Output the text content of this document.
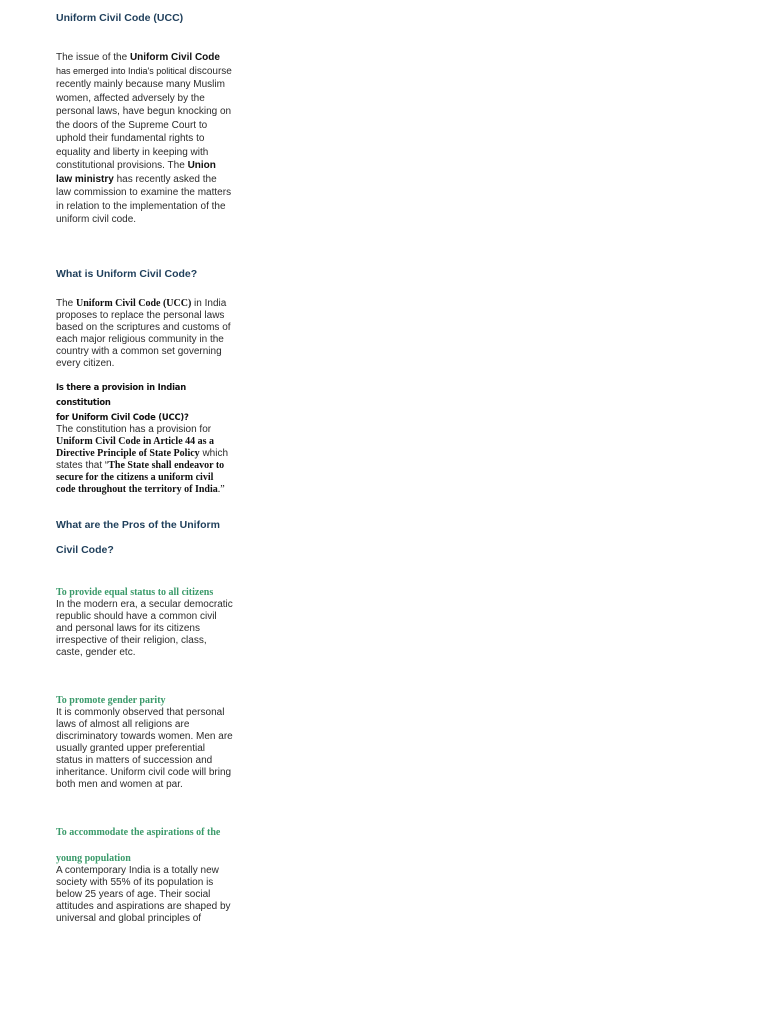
Uniform Civil Code (UCC)

The issue of the Uniform Civil Code has emerged into India's political discourse recently mainly because many Muslim women, affected adversely by the personal laws, have begun knocking on the doors of the Supreme Court to uphold their fundamental rights to equality and liberty in keeping with constitutional provisions. The Union law ministry has recently asked the law commission to examine the matters in relation to the implementation of the uniform civil code.

What is Uniform Civil Code?

The Uniform Civil Code (UCC) in India proposes to replace the personal laws based on the scriptures and customs of each major religious community in the country with a common set governing every citizen.

Is there a provision in Indian constitution

for Uniform Civil Code (UCC)?

The constitution has a provision for Uniform Civil Code in Article 44 as a Directive Principle of State Policy which states that “The State shall endeavor to secure for the citizens a uniform civil code throughout the territory of India.”

What are the Pros of the Uniform

Civil Code?

To provide equal status to all citizens

In the modern era, a secular democratic republic should have a common civil and personal laws for its citizens irrespective of their religion, class, caste, gender etc.

To promote gender parity

It is commonly observed that personal laws of almost all religions are discriminatory towards women. Men are usually granted upper preferential status in matters of succession and inheritance. Uniform civil code will bring both men and women at par.

To accommodate the aspirations of the

young population

A contemporary India is a totally new society with 55% of its population is below 25 years of age. Their social attitudes and aspirations are shaped by universal and global principles of
